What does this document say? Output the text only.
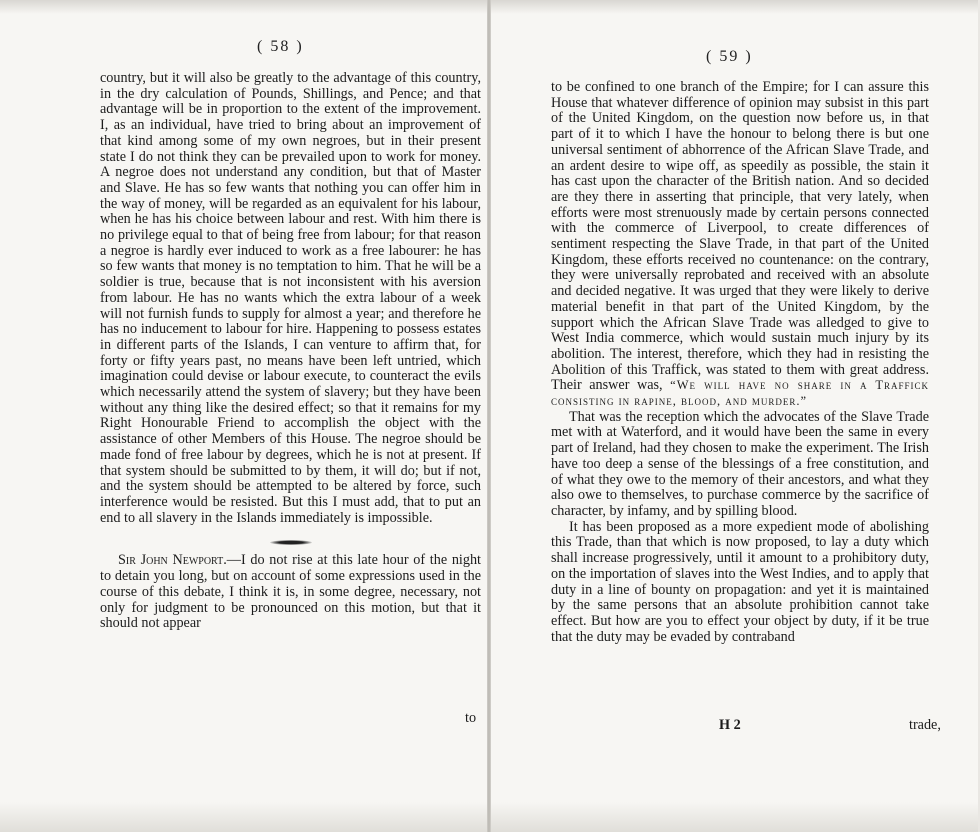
( 58 )

country, but it will also be greatly to the advantage of this country, in the dry calculation of Pounds, Shillings, and Pence; and that advantage will be in proportion to the extent of the improvement. I, as an individual, have tried to bring about an improvement of that kind among some of my own negroes, but in their present state I do not think they can be prevailed upon to work for money. A negroe does not understand any condition, but that of Master and Slave. He has so few wants that nothing you can offer him in the way of money, will be regarded as an equivalent for his labour, when he has his choice between labour and rest. With him there is no privilege equal to that of being free from labour; for that reason a negroe is hardly ever induced to work as a free labourer: he has so few wants that money is no temptation to him. That he will be a soldier is true, because that is not inconsistent with his aversion from labour. He has no wants which the extra labour of a week will not furnish funds to supply for almost a year; and therefore he has no inducement to labour for hire. Happening to possess estates in different parts of the Islands, I can venture to affirm that, for forty or fifty years past, no means have been left untried, which imagination could devise or labour execute, to counteract the evils which necessarily attend the system of slavery; but they have been without any thing like the desired effect; so that it remains for my Right Honourable Friend to accomplish the object with the assistance of other Members of this House. The negroe should be made fond of free labour by degrees, which he is not at present. If that system should be submitted to by them, it will do; but if not, and the system should be attempted to be altered by force, such interference would be resisted. But this I must add, that to put an end to all slavery in the Islands immediately is impossible.

Sir John Newport.—I do not rise at this late hour of the night to detain you long, but on account of some expressions used in the course of this debate, I think it is, in some degree, necessary, not only for judgment to be pronounced on this motion, but that it should not appear

to
( 59 )

to be confined to one branch of the Empire; for I can assure this House that whatever difference of opinion may subsist in this part of the United Kingdom, on the question now before us, in that part of it to which I have the honour to belong there is but one universal sentiment of abhorrence of the African Slave Trade, and an ardent desire to wipe off, as speedily as possible, the stain it has cast upon the character of the British nation. And so decided are they there in asserting that principle, that very lately, when efforts were most strenuously made by certain persons connected with the commerce of Liverpool, to create differences of sentiment respecting the Slave Trade, in that part of the United Kingdom, these efforts received no countenance: on the contrary, they were universally reprobated and received with an absolute and decided negative. It was urged that they were likely to derive material benefit in that part of the United Kingdom, by the support which the African Slave Trade was alledged to give to West India commerce, which would sustain much injury by its abolition. The interest, therefore, which they had in resisting the Abolition of this Traffick, was stated to them with great address. Their answer was, “We will have no share in a Traffick consisting in rapine, blood, and murder.”

That was the reception which the advocates of the Slave Trade met with at Waterford, and it would have been the same in every part of Ireland, had they chosen to make the experiment. The Irish have too deep a sense of the blessings of a free constitution, and of what they owe to the memory of their ancestors, and what they also owe to themselves, to purchase commerce by the sacrifice of character, by infamy, and by spilling blood.

It has been proposed as a more expedient mode of abolishing this Trade, than that which is now proposed, to lay a duty which shall increase progressively, until it amount to a prohibitory duty, on the importation of slaves into the West Indies, and to apply that duty in a line of bounty on propagation: and yet it is maintained by the same persons that an absolute prohibition cannot take effect. But how are you to effect your object by duty, if it be true that the duty may be evaded by contraband

H 2	trade,
